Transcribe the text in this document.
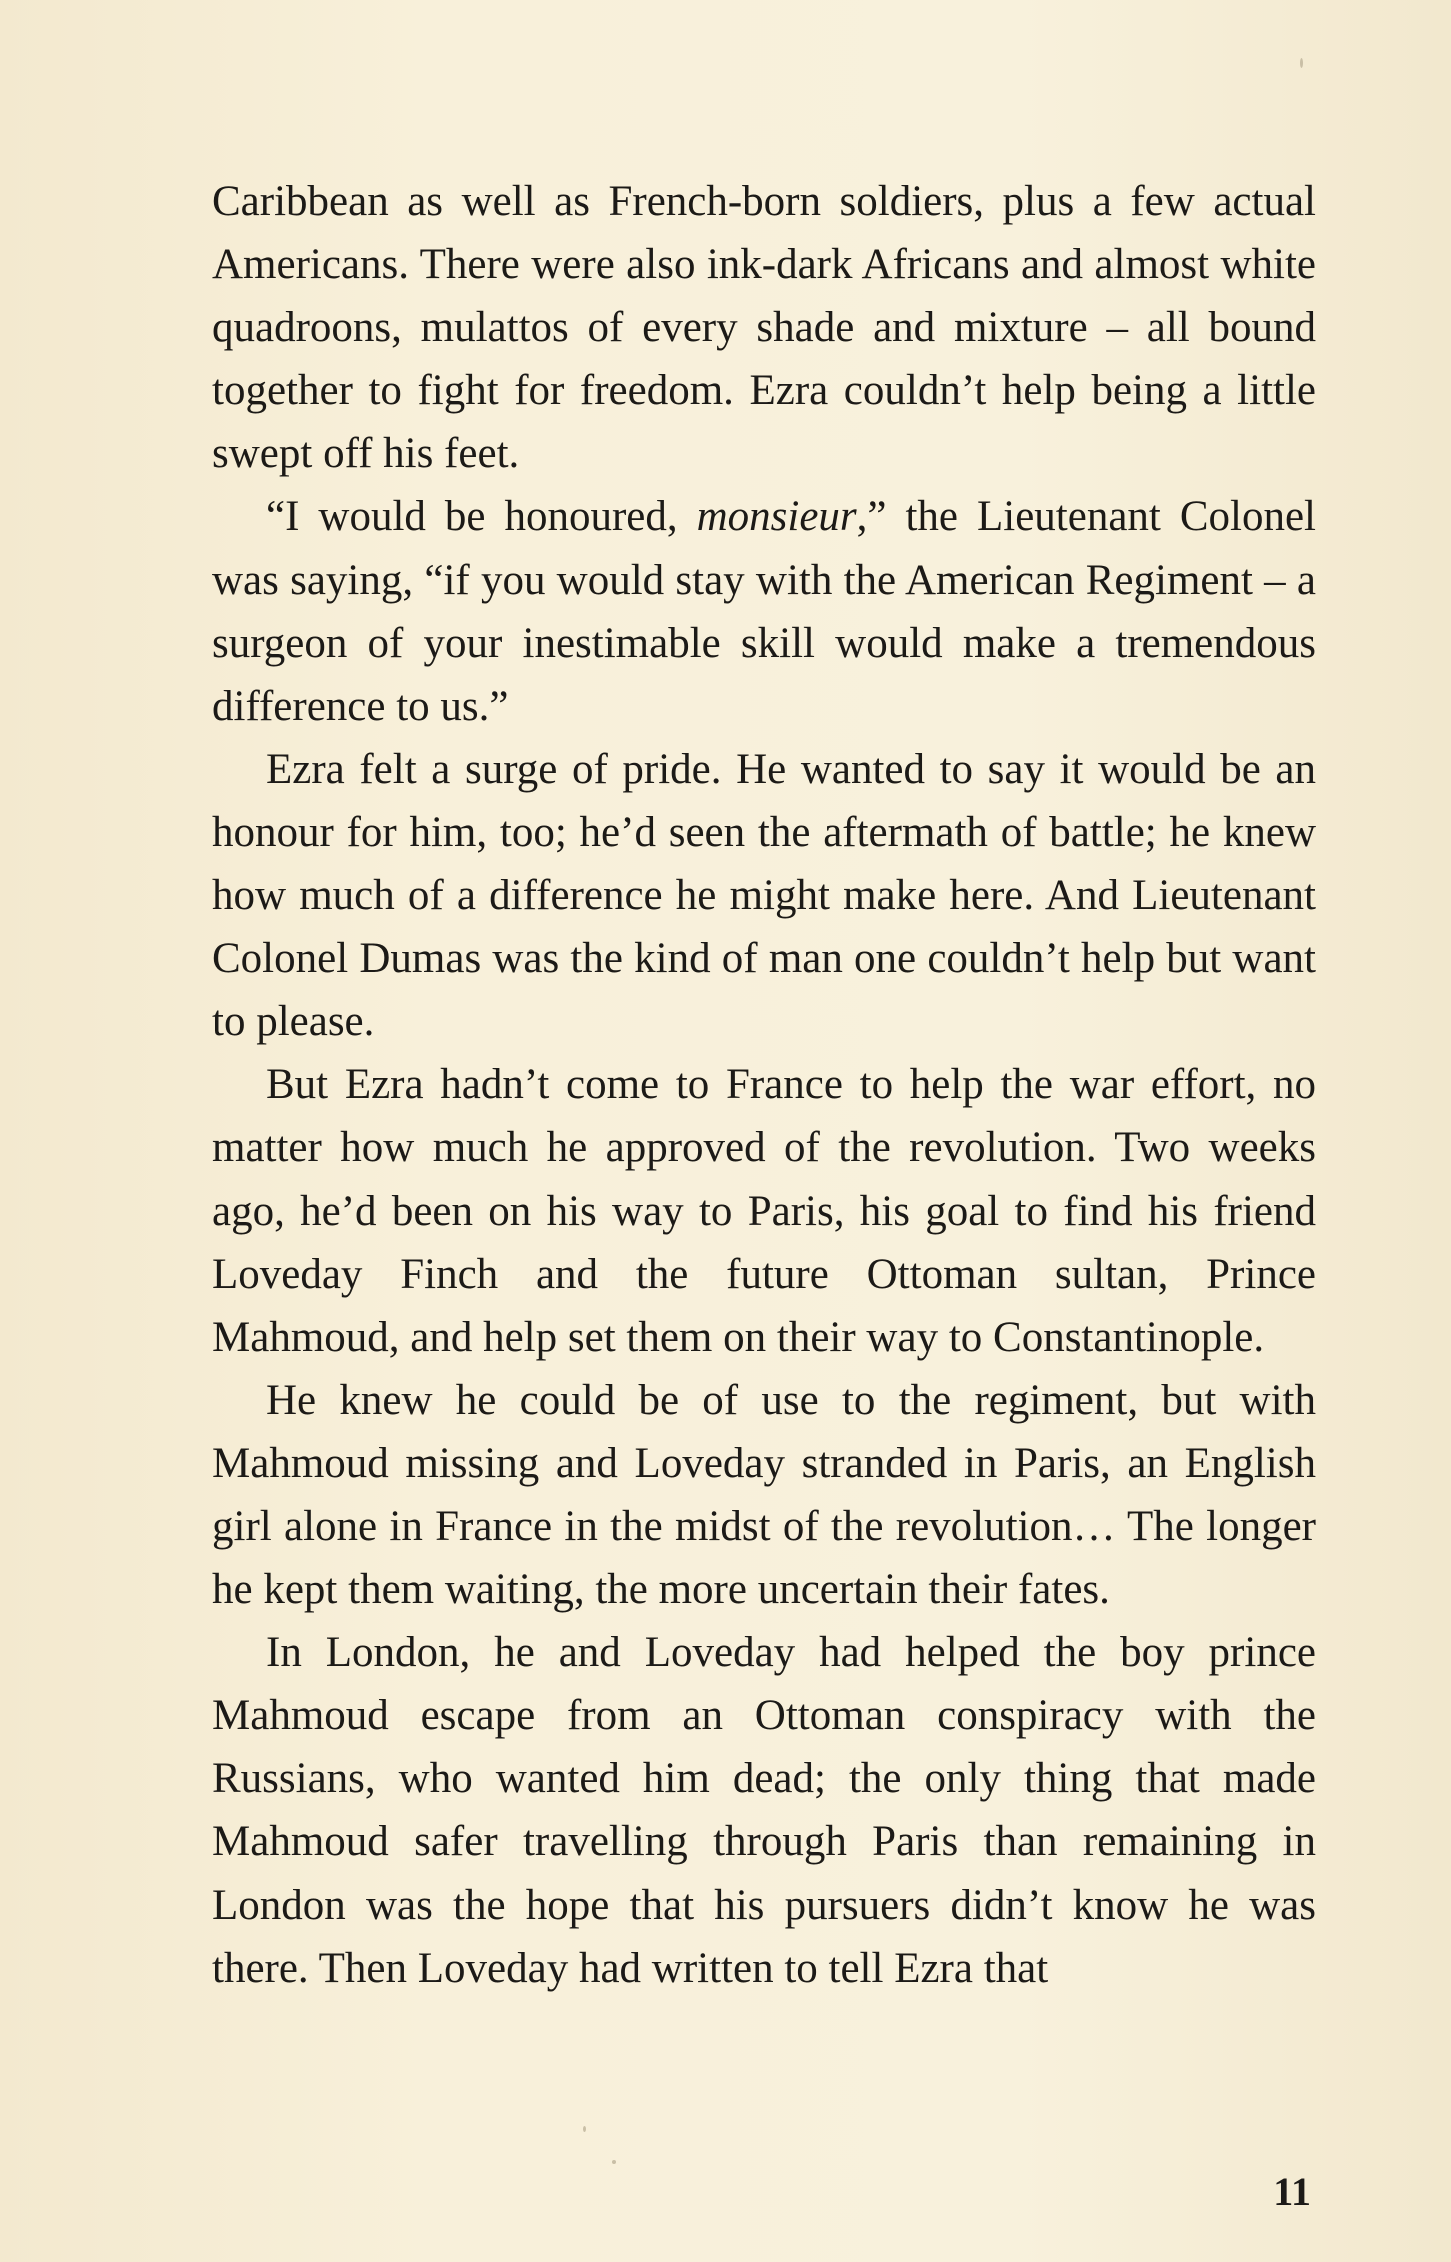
Caribbean as well as French-born soldiers, plus a few actual Americans. There were also ink-dark Africans and almost white quadroons, mulattos of every shade and mixture – all bound together to fight for freedom. Ezra couldn’t help being a little swept off his feet.

“I would be honoured, monsieur,” the Lieutenant Colonel was saying, “if you would stay with the American Regiment – a surgeon of your inestimable skill would make a tremendous difference to us.”

Ezra felt a surge of pride. He wanted to say it would be an honour for him, too; he’d seen the aftermath of battle; he knew how much of a difference he might make here. And Lieutenant Colonel Dumas was the kind of man one couldn’t help but want to please.

But Ezra hadn’t come to France to help the war effort, no matter how much he approved of the revolution. Two weeks ago, he’d been on his way to Paris, his goal to find his friend Loveday Finch and the future Ottoman sultan, Prince Mahmoud, and help set them on their way to Constantinople.

He knew he could be of use to the regiment, but with Mahmoud missing and Loveday stranded in Paris, an English girl alone in France in the midst of the revolution… The longer he kept them waiting, the more uncertain their fates.

In London, he and Loveday had helped the boy prince Mahmoud escape from an Ottoman conspiracy with the Russians, who wanted him dead; the only thing that made Mahmoud safer travelling through Paris than remaining in London was the hope that his pursuers didn’t know he was there. Then Loveday had written to tell Ezra that

11
